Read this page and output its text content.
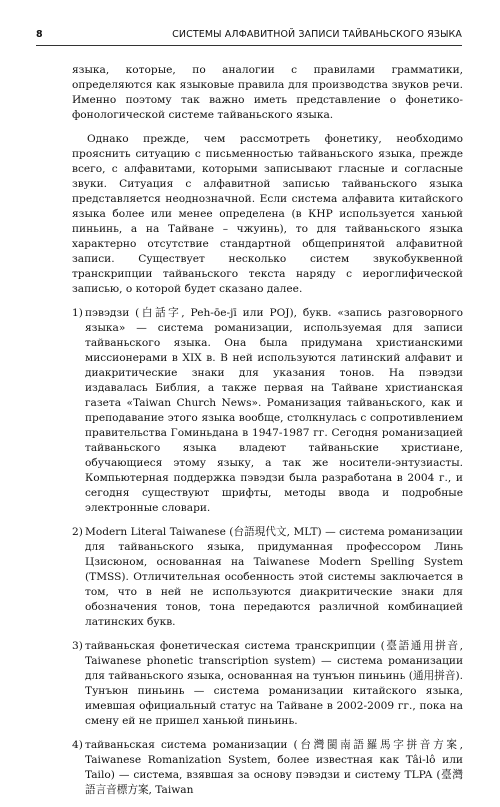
8	СИСТЕМЫ АЛФАВИТНОЙ ЗАПИСИ ТАЙВАНЬСКОГО ЯЗЫКА

языка, которые, по аналогии с правилами грамматики, определяются как языковые правила для производства звуков речи. Именно поэтому так важно иметь представление о фонетико-фонологической системе тайваньского языка.

Однако прежде, чем рассмотреть фонетику, необходимо прояснить ситуацию с письменностью тайваньского языка, прежде всего, с алфавитами, которыми записывают гласные и согласные звуки. Ситуация с алфавитной записью тайваньского языка представляется неоднозначной. Если система алфавита китайского языка более или менее определена (в КНР используется ханьюй пиньинь, а на Тайване – чжуинь), то для тайваньского языка характерно отсутствие стандартной общепринятой алфавитной записи. Существует несколько систем звукобуквенной транскрипции тайваньского текста наряду с иероглифической записью, о которой будет сказано далее.

1) пэвэдзи (白話字, Peh-ōe-jī или POJ), букв. «запись разговорного языка» — система романизации, используемая для записи тайваньского языка. Она была придумана христианскими миссионерами в XIX в. В ней используются латинский алфавит и диакритические знаки для указания тонов. На пэвэдзи издавалась Библия, а также первая на Тайване христианская газета «Taiwan Church News». Романизация тайваньского, как и преподавание этого языка вообще, столкнулась с сопротивлением правительства Гоминьдана в 1947-1987 гг. Сегодня романизацией тайваньского языка владеют тайваньские христиане, обучающиеся этому языку, а так же носители-энтузиасты. Компьютерная поддержка пэвэдзи была разработана в 2004 г., и сегодня существуют шрифты, методы ввода и подробные электронные словари.
2) Modern Literal Taiwanese (台語現代文, MLT) — система романизации для тайваньского языка, придуманная профессором Линь Цзисюном, основанная на Taiwanese Modern Spelling System (TMSS). Отличительная особенность этой системы заключается в том, что в ней не используются диакритические знаки для обозначения тонов, тона передаются различной комбинацией латинских букв.
3) тайваньская фонетическая система транскрипции (臺語通用拼音, Taiwanese phonetic transcription system) — система романизации для тайваньского языка, основанная на тунъюн пиньинь (通用拼音). Тунъюн пиньинь — система романизации китайского языка, имевшая официальный статус на Тайване в 2002-2009 гг., пока на смену ей не пришел ханьюй пиньинь.
4) тайваньская система романизации (台灣閩南語羅馬字拼音方案, Taiwanese Romanization System, более известная как Tâi-lô или Tailo) — система, взявшая за основу пэвэдзи и систему TLPA (臺灣語言音標方案, Taiwan
